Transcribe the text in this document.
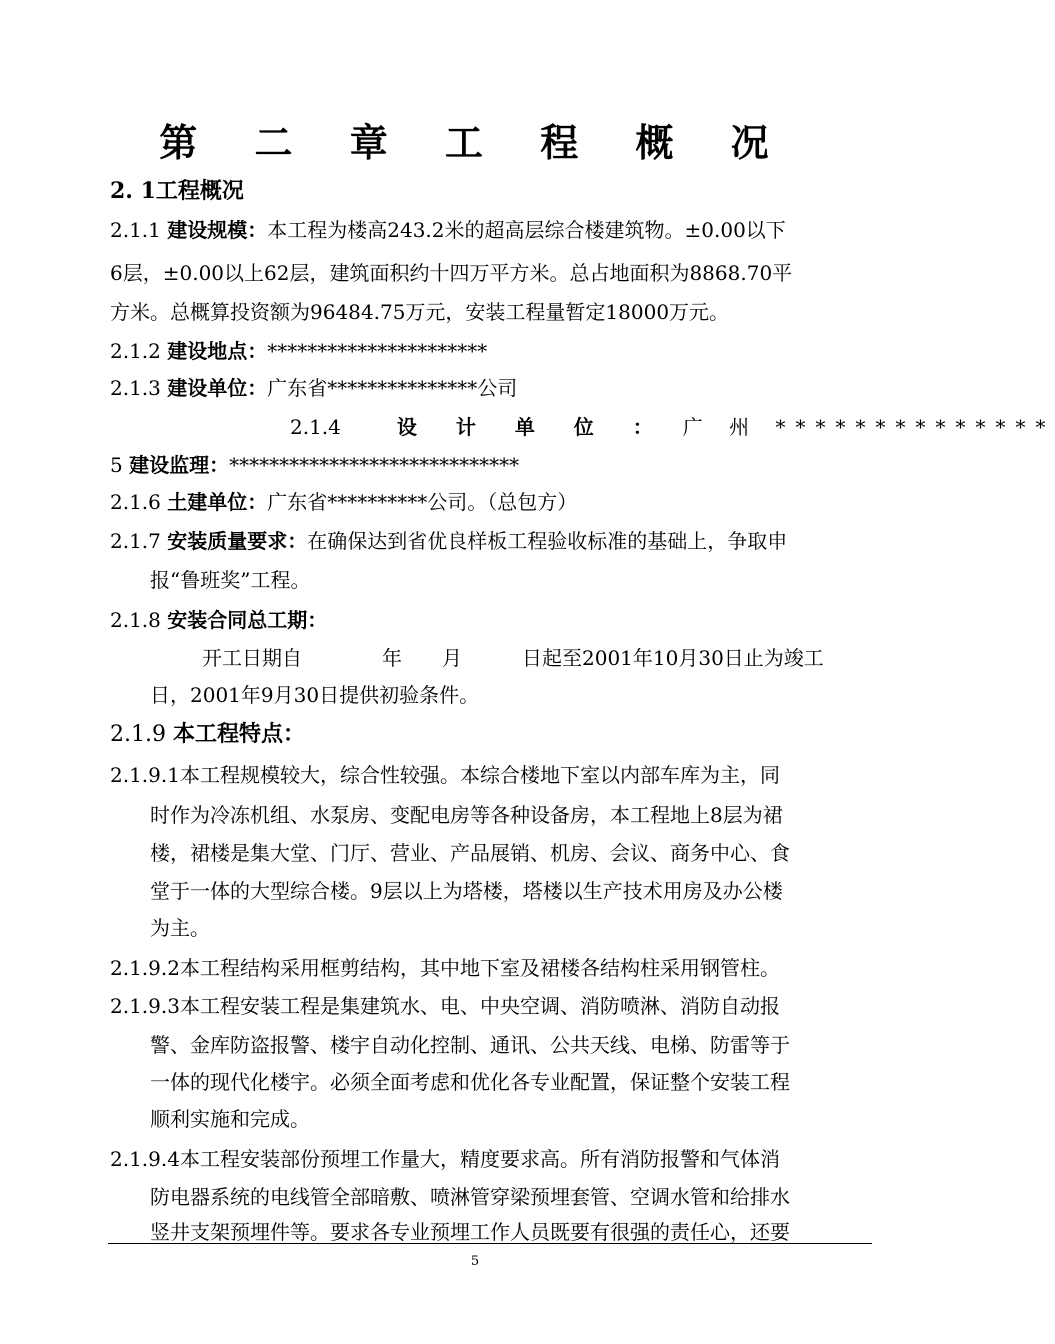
第 二 章 工 程 概 况
2. 1工程概况
2.1.1 建设规模：本工程为楼高243.2米的超高层综合楼建筑物。±0.00以下
6层，±0.00以上62层，建筑面积约十四万平方米。总占地面积为8868.70平
方米。总概算投资额为96484.75万元，安装工程量暂定18000万元。
2.1.2 建设地点：**********************
2.1.3 建设单位：广东省***************公司
2.1.4	设 计 单 位 ： 广 州 **************
5 建设监理：*****************************
2.1.6 土建单位：广东省**********公司。（总包方）
2.1.7 安装质量要求：在确保达到省优良样板工程验收标准的基础上，争取申
报“鲁班奖”工程。
2.1.8 安装合同总工期：
开工日期自　　　　年　　月　　　日起至2001年10月30日止为竣工
日，2001年9月30日提供初验条件。
2.1.9 本工程特点：
2.1.9.1本工程规模较大，综合性较强。本综合楼地下室以内部车库为主，同
时作为冷冻机组、水泵房、变配电房等各种设备房，本工程地上8层为裙
楼，裙楼是集大堂、门厅、营业、产品展销、机房、会议、商务中心、食
堂于一体的大型综合楼。9层以上为塔楼，塔楼以生产技术用房及办公楼
为主。
2.1.9.2本工程结构采用框剪结构，其中地下室及裙楼各结构柱采用钢管柱。
2.1.9.3本工程安装工程是集建筑水、电、中央空调、消防喷淋、消防自动报
警、金库防盗报警、楼宇自动化控制、通讯、公共天线、电梯、防雷等于
一体的现代化楼宇。必须全面考虑和优化各专业配置，保证整个安装工程
顺利实施和完成。
2.1.9.4本工程安装部份预埋工作量大，精度要求高。所有消防报警和气体消
防电器系统的电线管全部暗敷、喷淋管穿梁预埋套管、空调水管和给排水
竖井支架预埋件等。要求各专业预埋工作人员既要有很强的责任心，还要
5
